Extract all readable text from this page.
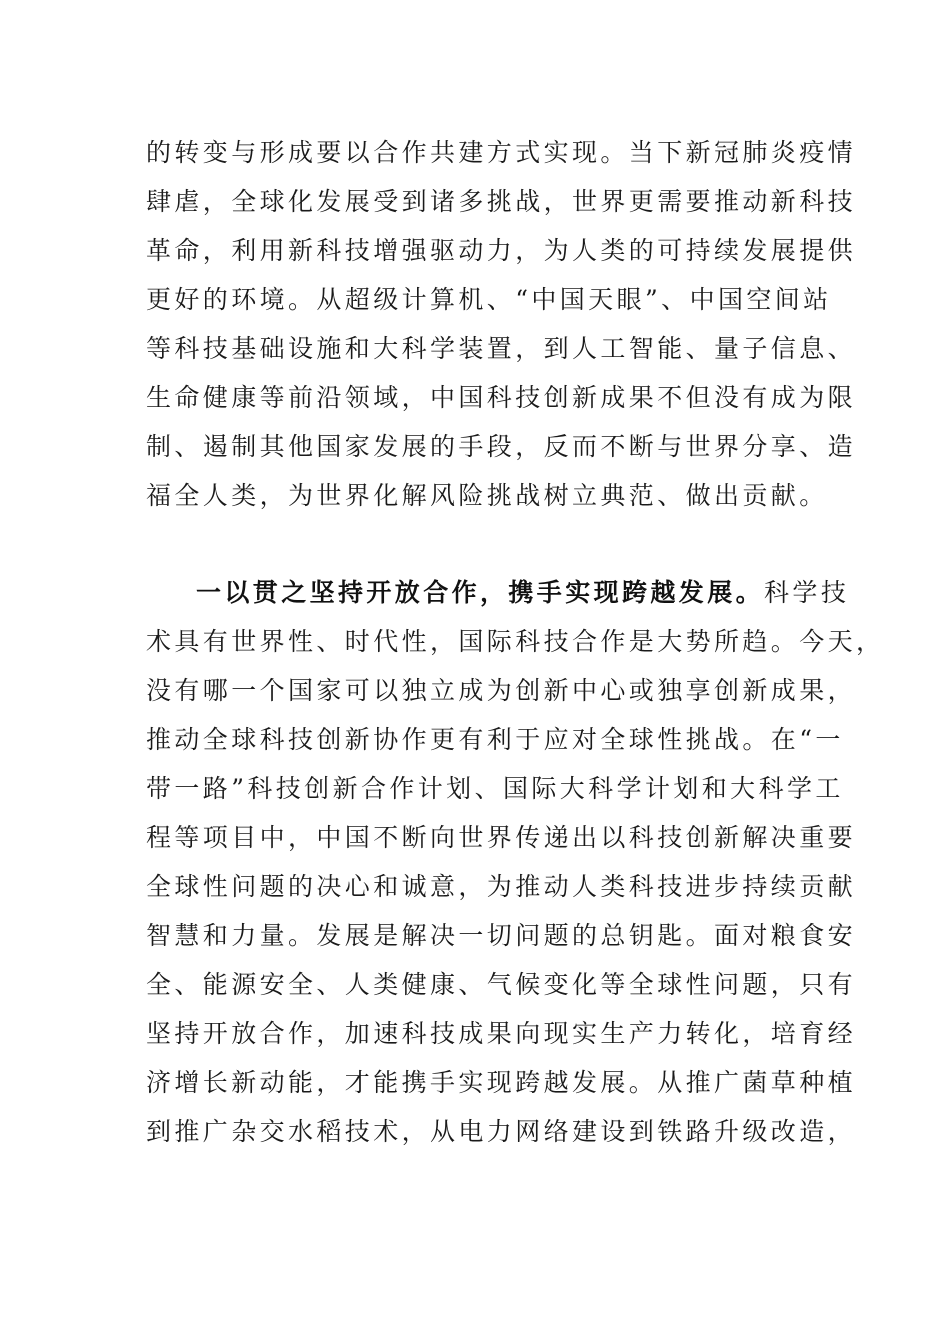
的转变与形成要以合作共建方式实现。当下新冠肺炎疫情
肆虐，全球化发展受到诸多挑战，世界更需要推动新科技
革命，利用新科技增强驱动力，为人类的可持续发展提供
更好的环境。从超级计算机、“中国天眼”、中国空间站
等科技基础设施和大科学装置，到人工智能、量子信息、
生命健康等前沿领域，中国科技创新成果不但没有成为限
制、遏制其他国家发展的手段，反而不断与世界分享、造
福全人类，为世界化解风险挑战树立典范、做出贡献。
一以贯之坚持开放合作，携手实现跨越发展。科学技
术具有世界性、时代性，国际科技合作是大势所趋。今天，
没有哪一个国家可以独立成为创新中心或独享创新成果，
推动全球科技创新协作更有利于应对全球性挑战。在“一
带一路”科技创新合作计划、国际大科学计划和大科学工
程等项目中，中国不断向世界传递出以科技创新解决重要
全球性问题的决心和诚意，为推动人类科技进步持续贡献
智慧和力量。发展是解决一切问题的总钥匙。面对粮食安
全、能源安全、人类健康、气候变化等全球性问题，只有
坚持开放合作，加速科技成果向现实生产力转化，培育经
济增长新动能，才能携手实现跨越发展。从推广菌草种植
到推广杂交水稻技术，从电力网络建设到铁路升级改造，
